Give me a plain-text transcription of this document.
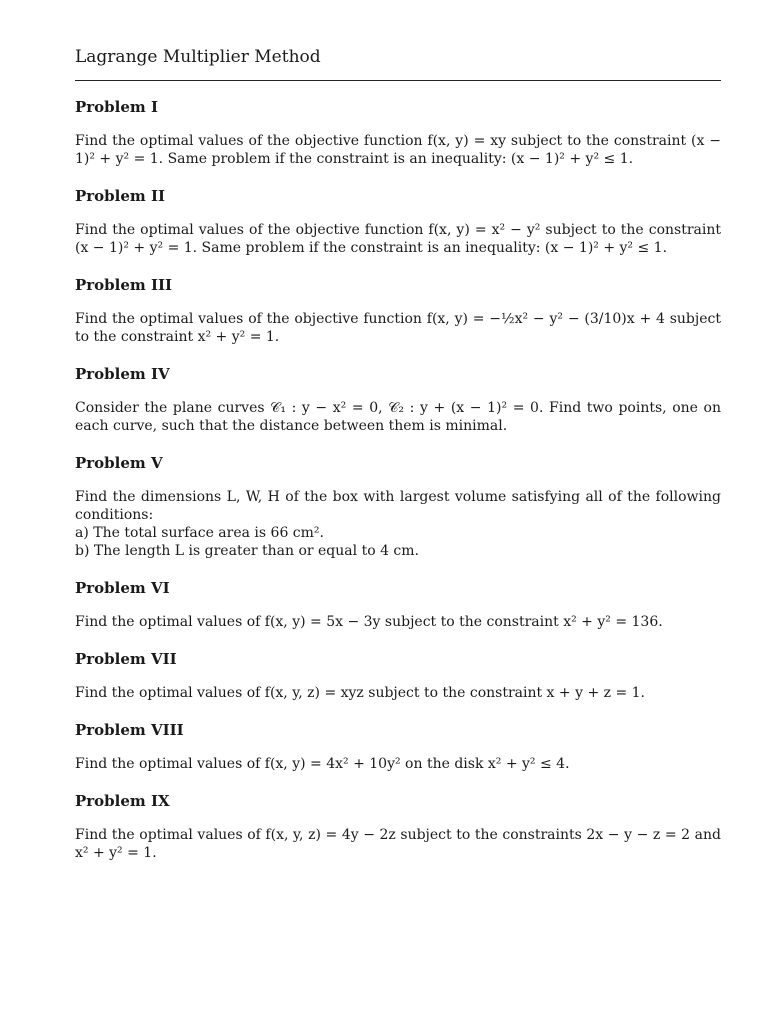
Lagrange Multiplier Method
Problem I
Find the optimal values of the objective function f(x, y) = xy subject to the constraint (x − 1)² + y² = 1. Same problem if the constraint is an inequality: (x − 1)² + y² ≤ 1.
Problem II
Find the optimal values of the objective function f(x, y) = x² − y² subject to the constraint (x − 1)² + y² = 1. Same problem if the constraint is an inequality: (x − 1)² + y² ≤ 1.
Problem III
Find the optimal values of the objective function f(x, y) = −½x² − y² − (3/10)x + 4 subject to the constraint x² + y² = 1.
Problem IV
Consider the plane curves 𝒞₁ : y − x² = 0, 𝒞₂ : y + (x − 1)² = 0. Find two points, one on each curve, such that the distance between them is minimal.
Problem V
Find the dimensions L, W, H of the box with largest volume satisfying all of the following conditions:
a) The total surface area is 66 cm².
b) The length L is greater than or equal to 4 cm.
Problem VI
Find the optimal values of f(x, y) = 5x − 3y subject to the constraint x² + y² = 136.
Problem VII
Find the optimal values of f(x, y, z) = xyz subject to the constraint x + y + z = 1.
Problem VIII
Find the optimal values of f(x, y) = 4x² + 10y² on the disk x² + y² ≤ 4.
Problem IX
Find the optimal values of f(x, y, z) = 4y − 2z subject to the constraints 2x − y − z = 2 and x² + y² = 1.
